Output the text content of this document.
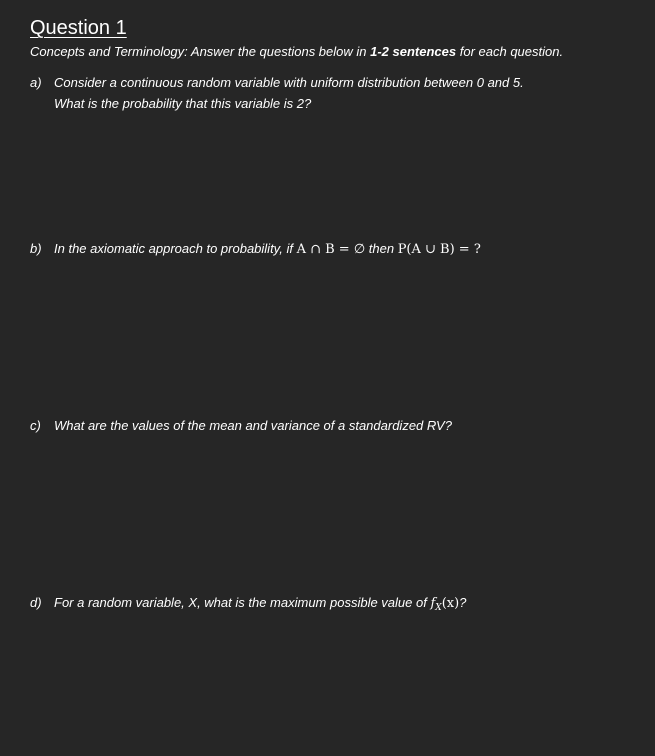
Question 1
Concepts and Terminology: Answer the questions below in 1-2 sentences for each question.
a) Consider a continuous random variable with uniform distribution between 0 and 5.
What is the probability that this variable is 2?
b) In the axiomatic approach to probability, if A ∩ B = ∅ then P(A ∪ B) = ?
c) What are the values of the mean and variance of a standardized RV?
d) For a random variable, X, what is the maximum possible value of $f_X(x)$?
